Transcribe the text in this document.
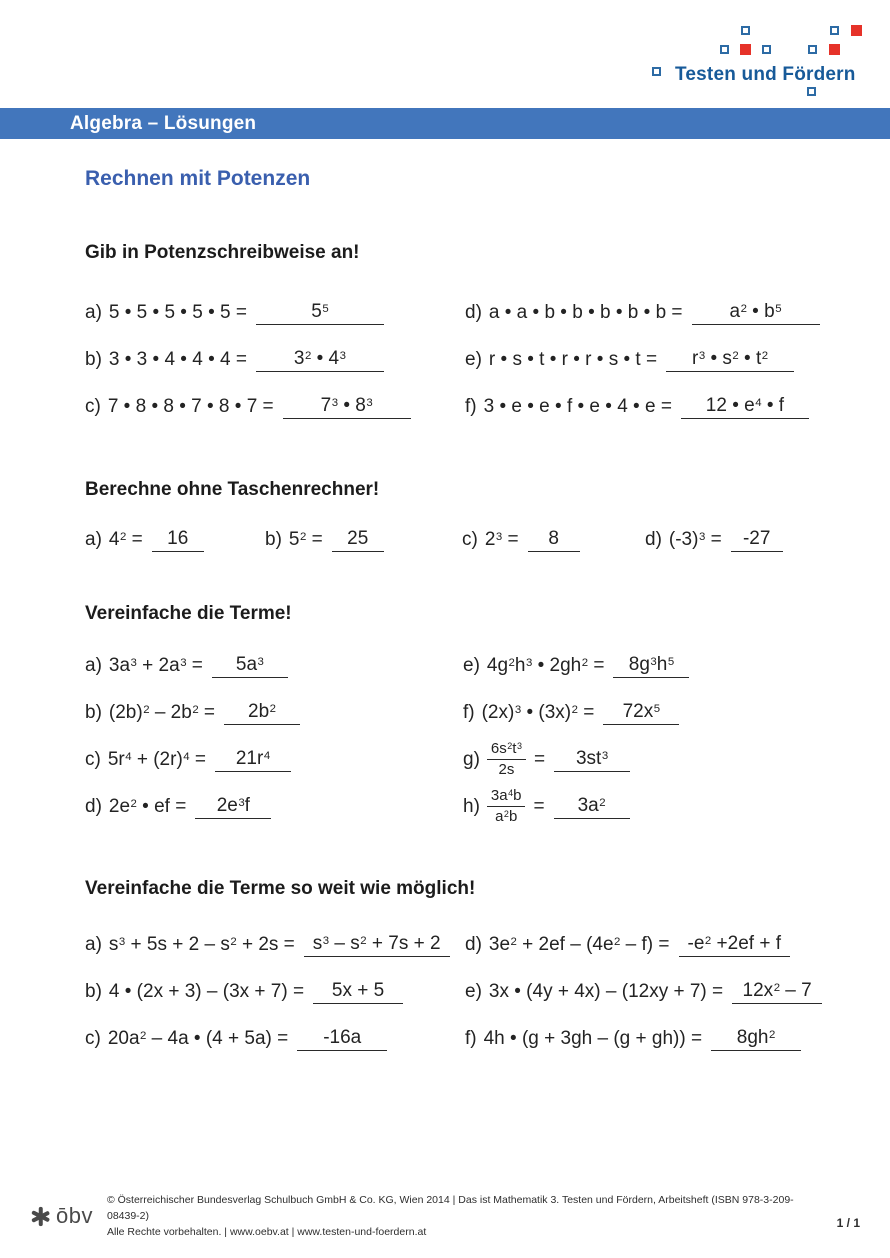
Testen und Fördern
Algebra – Lösungen
Rechnen mit Potenzen
Gib in Potenzschreibweise an!
a) 5 • 5 • 5 • 5 • 5 =	$5^5$
b) 3 • 3 • 4 • 4 • 4 =	$3^2$ • $4^3$
c) 7 • 8 • 8 • 7 • 8 • 7 =	$7^3$ • $8^3$
d) a • a • b • b • b • b • b =	$a^2$ • $b^5$
e) r • s • t • r • r • s • t =	$r^3$ • $s^2$ • $t^2$
f) 3 • e • e • f • e • 4 • e =	12 • $e^4$ • f
Berechne ohne Taschenrechner!
a) $4^2$ =	16	b) $5^2$ =	25	c) $2^3$ =	8	d) $(-3)^3$ =	-27
Vereinfache die Terme!
a) $3a^3 + 2a^3$ =	$5a^3$
b) $(2b)^2 - 2b^2$ =	$2b^2$
c) $5r^4 + (2r)^4$ =	$21r^4$
d) $2e^2$ • ef =	$2e^3f$
e) $4g^2h^3$ • $2gh^2$ =	$8g^3h^5$
f) $(2x)^3$ • $(3x)^2$ =	$72x^5$
$g) \frac{6s^2t^3}{2s}$ =	$3st^3$
$h) \frac{3a^4b}{a^2b}$ =	$3a^2$
Vereinfache die Terme so weit wie möglich!
a) $s^3 + 5s + 2 - s^2 + 2s = s^3 - s^2 + 7s + 2$
b) 4 • (2x + 3) – (3x + 7) =	5x + 5
c) $20a^2 - 4a$ • (4 + 5a) =	-16a
d) $3e^2 + 2ef - (4e^2 - f) = -e^2 +2ef + f$
e) 3x • (4y + 4x) – (12xy + 7) =	$12x^2 - 7$
f) 4h • (g + 3gh – (g + gh)) =	$8gh^2$
ōbv
© Österreichischer Bundesverlag Schulbuch GmbH & Co. KG, Wien 2014 | Das ist Mathematik 3. Testen und Fördern, Arbeitsheft (ISBN 978-3-209-08439-2)
Alle Rechte vorbehalten. | www.oebv.at | www.testen-und-foerdern.at
1 / 1
